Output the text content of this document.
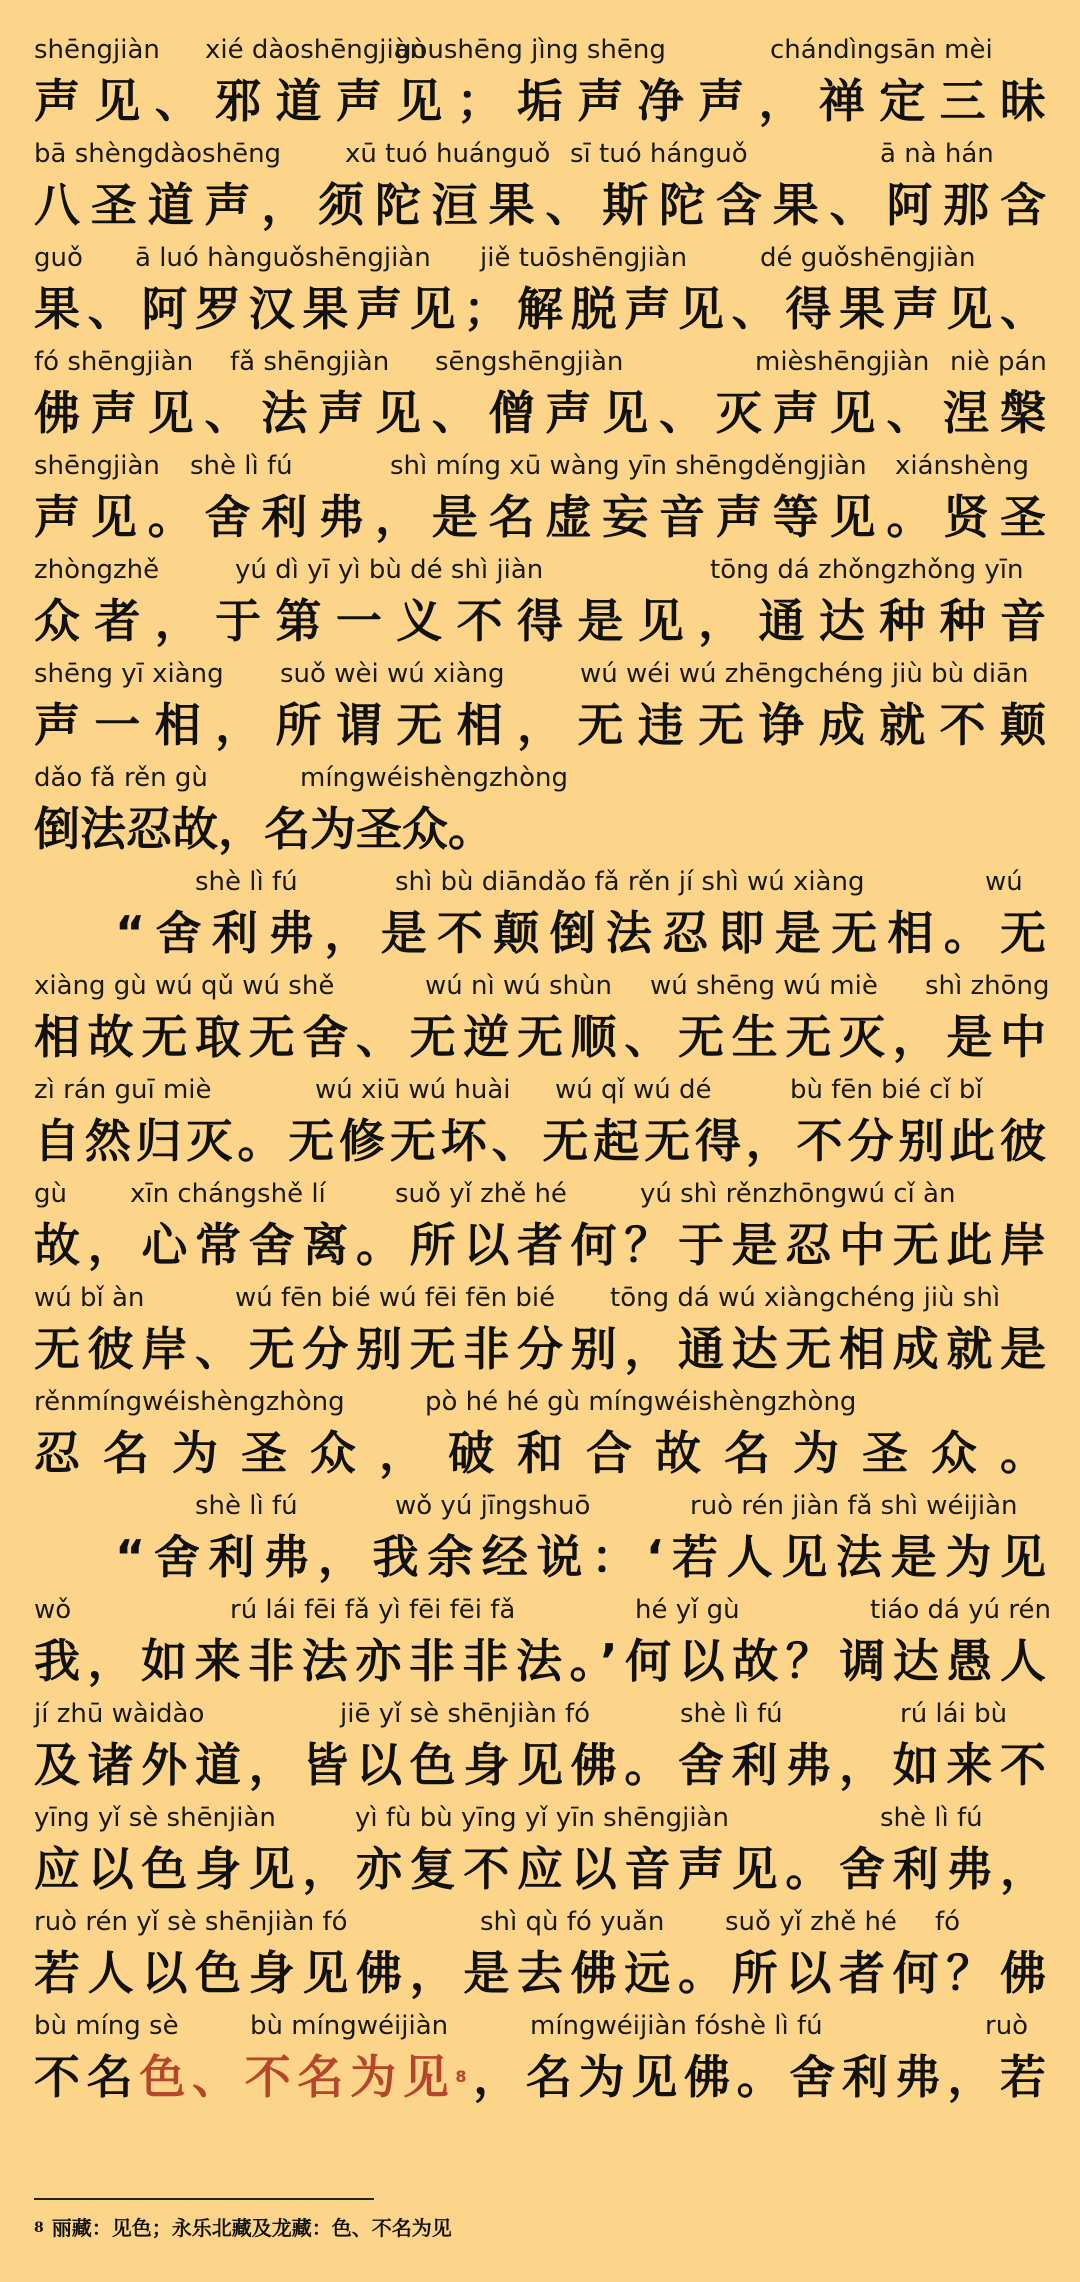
shēngjiàn xié dàoshēngjiàn
gòushēng jìng shēng	chándìngsān mèi
声见、邪道声见；垢声净声，禅定三昧
bā shèngdàoshēng xū tuó huánguǒ sī tuó hánguǒ	ā nà hán
八圣道声，须陀洹果、斯陀含果、阿那含
guǒ ā luó hànguǒshēngjiàn jiě tuōshēngjiàn	dé guǒshēngjiàn
果、阿罗汉果声见；解脱声见、得果声见、
fó shēngjiàn fǎ shēngjiàn sēngshēngjiàn	mièshēngjiàn niè pán
佛声见、法声见、僧声见、灭声见、涅槃
shēngjiàn shè lì fú	shì míng xū wàng yīn shēngděngjiàn xiánshèng
声见。舍利弗，是名虚妄音声等见。贤圣
zhòngzhě	yú dì yī yì bù dé shì jiàn	tōng dá zhǒngzhǒng yīn
众者，于第一义不得是见，通达种种音
shēng yī xiàng suǒ wèi wú xiàng	wú wéi wú zhēngchéng jiù bù diān
声一相，所谓无相，无违无诤成就不颠
dǎo fǎ rěn gù	míngwéishèngzhòng
倒法忍故，名为圣众。
shè lì fú	shì bù diāndǎo fǎ rěn jí shì wú xiàng	wú
“舍利弗，是不颠倒法忍即是无相。无
xiàng gù wú qǔ wú shě	wú nì wú shùn wú shēng wú miè shì zhōng
相故无取无舍、无逆无顺、无生无灭，是中
zì rán guī miè	wú xiū wú huài wú qǐ wú dé	bù fēn bié cǐ bǐ
自然归灭。无修无坏、无起无得，不分别此彼
gù xīn chángshě lí	suǒ yǐ zhě hé	yú shì rěnzhōngwú cǐ àn
故，心常舍离。所以者何？于是忍中无此岸
wú bǐ àn	wú fēn bié wú fēi fēn bié tōng dá wú xiàngchéng jiù shì
无彼岸、无分别无非分别，通达无相成就是
rěnmíngwéishèngzhòng	pò hé hé gù míngwéishèngzhòng
忍名为圣众，破和合故名为圣众。
shè lì fú	wǒ yú jīngshuō	ruò rén jiàn fǎ shì wéijiàn
“舍利弗，我余经说：‘若人见法是为见
wǒ	rú lái fēi fǎ yì fēi fēi fǎ	hé yǐ gù	tiáo dá yú rén
我，如来非法亦非非法。’何以故？调达愚人
jí zhū wàidào	jiē yǐ sè shēnjiàn fó	shè lì fú	rú lái bù
及诸外道，皆以色身见佛。舍利弗，如来不
yīng yǐ sè shēnjiàn	yì fù bù yīng yǐ yīn shēngjiàn	shè lì fú
应以色身见，亦复不应以音声见。舍利弗，
ruò rén yǐ sè shēnjiàn fó	shì qù fó yuǎn suǒ yǐ zhě hé fó
若人以色身见佛，是去佛远。所以者何？佛
bù míng sè	bù míngwéijiàn	míngwéijiàn fó shè lì fú	ruò
不名色、不名为见$^8$，名为见佛。舍利弗，若
$^8$ 丽藏：见色；永乐北藏及龙藏：色、不名为见
